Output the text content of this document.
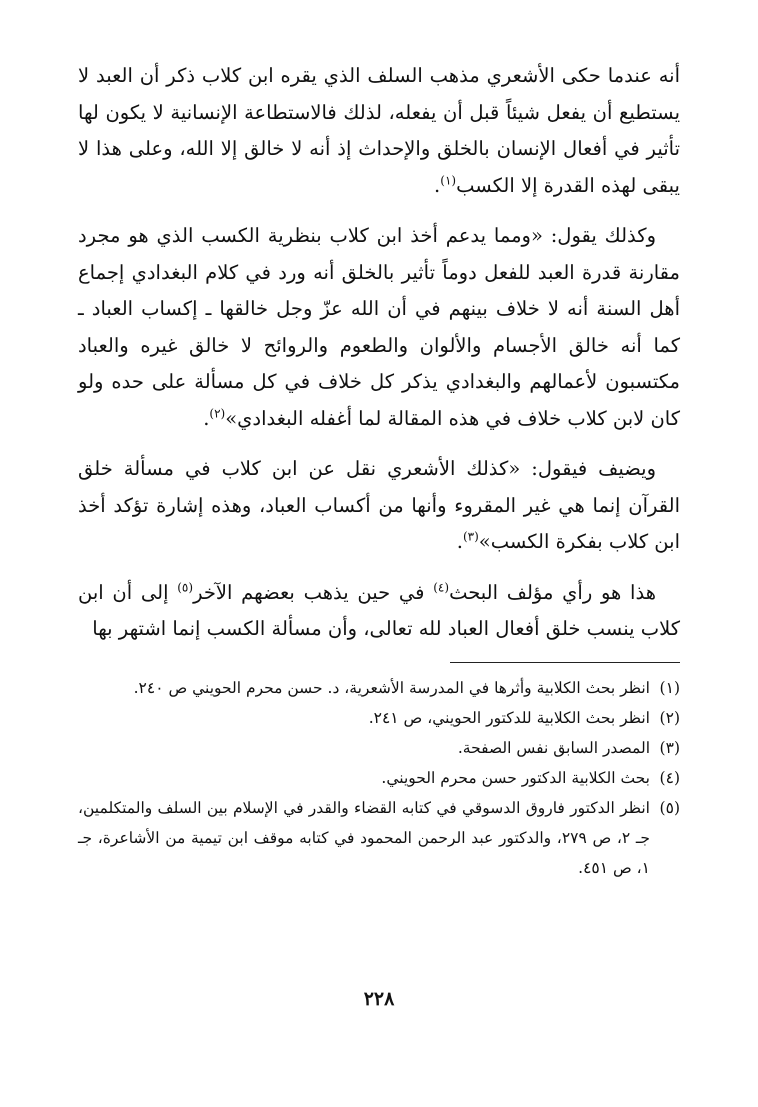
أنه عندما حكى الأشعري مذهب السلف الذي يقره ابن كلاب ذكر أن العبد لا يستطيع أن يفعل شيئاً قبل أن يفعله، لذلك فالاستطاعة الإنسانية لا يكون لها تأثير في أفعال الإنسان بالخلق والإحداث إذ أنه لا خالق إلا الله، وعلى هذا لا يبقى لهذه القدرة إلا الكسب$^{(١)}$.

وكذلك يقول: «ومما يدعم أخذ ابن كلاب بنظرية الكسب الذي هو مجرد مقارنة قدرة العبد للفعل دوماً تأثير بالخلق أنه ورد في كلام البغدادي إجماع أهل السنة أنه لا خلاف بينهم في أن الله عزّ وجل خالقها ـ إكساب العباد ـ كما أنه خالق الأجسام والألوان والطعوم والروائح لا خالق غيره والعباد مكتسبون لأعمالهم والبغدادي يذكر كل خلاف في كل مسألة على حده ولو كان لابن كلاب خلاف في هذه المقالة لما أغفله البغدادي»$^{(٢)}$.

ويضيف فيقول: «كذلك الأشعري نقل عن ابن كلاب في مسألة خلق القرآن إنما هي غير المقروء وأنها من أكساب العباد، وهذه إشارة تؤكد أخذ ابن كلاب بفكرة الكسب»$^{(٣)}$.

هذا هو رأي مؤلف البحث$^{(٤)}$ في حين يذهب بعضهم الآخر$^{(٥)}$ إلى أن ابن كلاب ينسب خلق أفعال العباد لله تعالى، وأن مسألة الكسب إنما اشتهر بها

(١)
انظر بحث الكلابية وأثرها في المدرسة الأشعرية، د. حسن محرم الحويني ص ٢٤٠.
(٢)
انظر بحث الكلابية للدكتور الحويني، ص ٢٤١.
(٣)
المصدر السابق نفس الصفحة.
(٤)
بحث الكلابية الدكتور حسن محرم الحويني.
(٥)
انظر الدكتور فاروق الدسوقي في كتابه القضاء والقدر في الإسلام بين السلف والمتكلمين، جـ ٢، ص ٢٧٩، والدكتور عبد الرحمن المحمود في كتابه موقف ابن تيمية من الأشاعرة، جـ ١، ص ٤٥١.
٢٢٨
